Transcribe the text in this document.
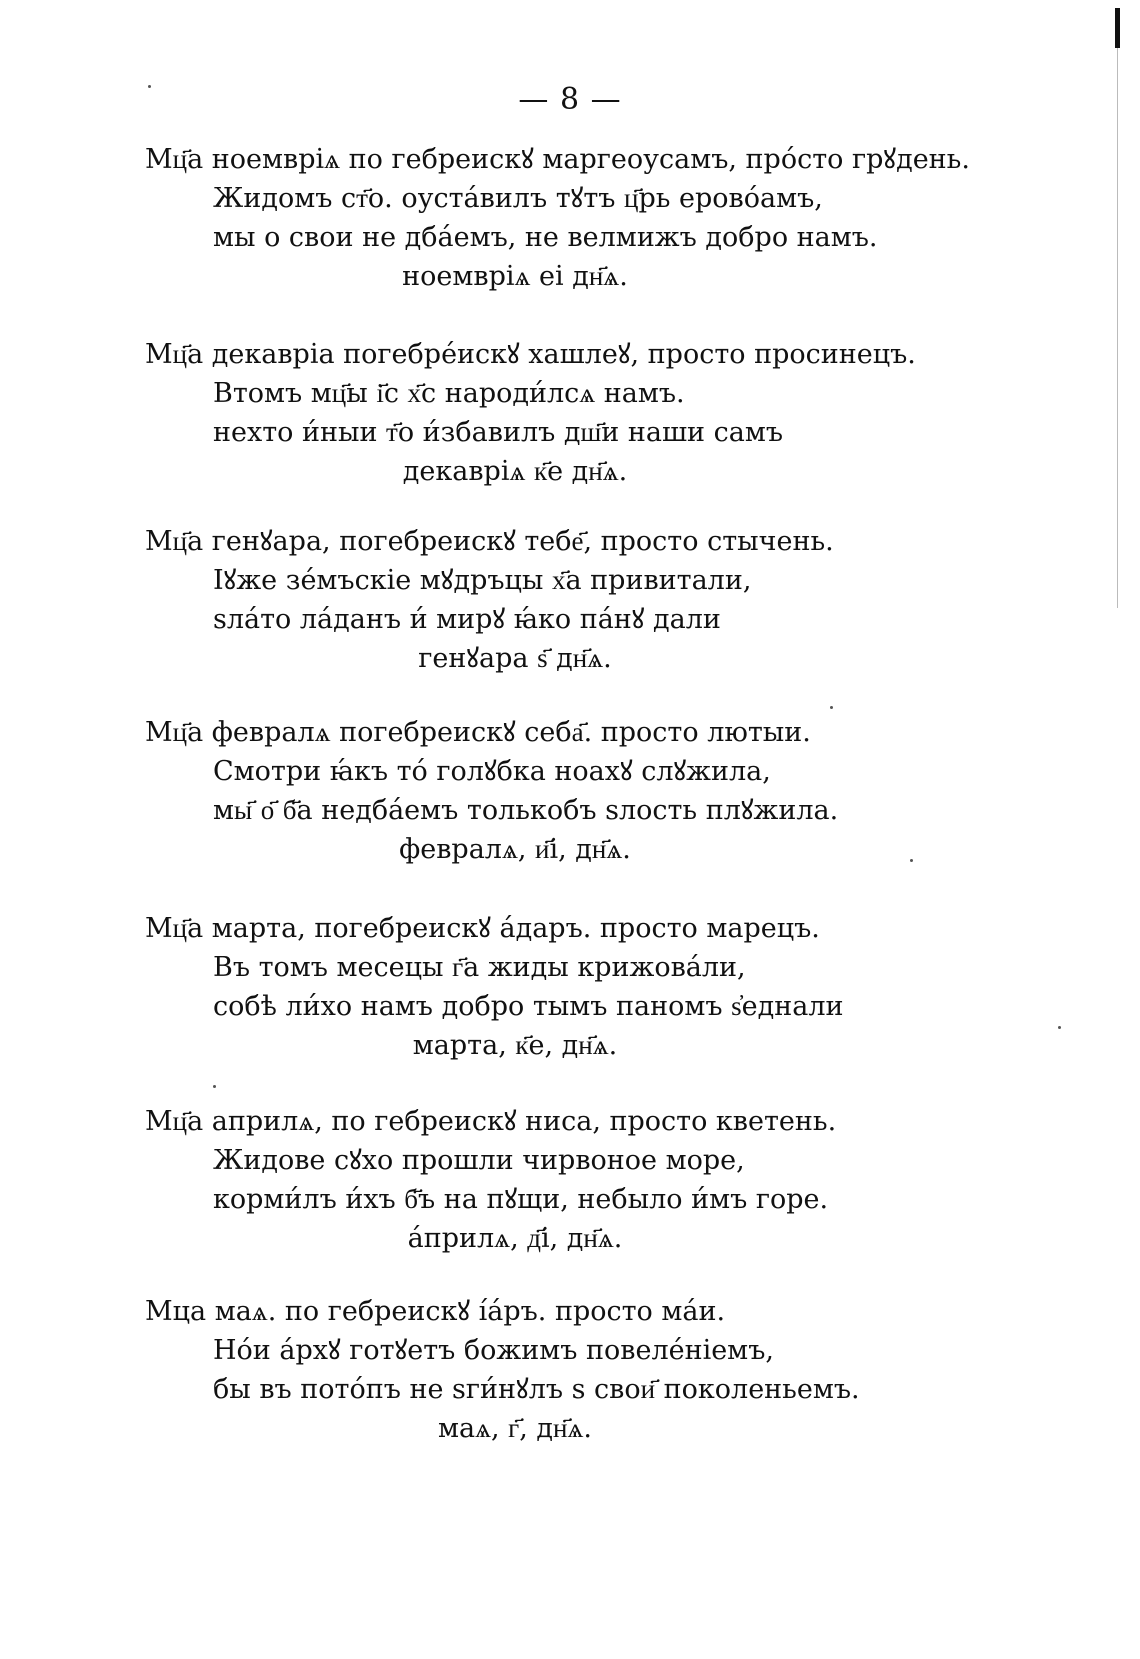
— 8 —
Мц҃а ноемвріѧ по гебреискꙋ маргеоусамъ, про́сто грꙋдень.
Жидомъ ст҃о. оуста́вилъ тꙋтъ ц҃рь ерово́амъ,
мы о свои не дба́емъ, не велмижъ добро намъ.
ноемвріѧ еі дн҃ѧ.
Мц҃а декавріа погебре́искꙋ хашлеꙋ, просто просинецъ.
Втомъ мц҃ы і҃с х҃с народи́лсѧ намъ.
нехто и́ныи т҃о и́збавилъ дш҃и наши самъ
декавріѧ к҃е дн҃ѧ.
Мц҃а генꙋара, погебреискꙋ тебе҃, просто стычень.
Іꙋже зе́мъскіе мꙋдръцы х҃а привитали,
ѕла́то ла́данъ и́ мирꙋ ꙗ́ко па́нꙋ дали
генꙋара ѕ҃ дн҃ѧ.
Мц҃а февралѧ погебреискꙋ себа҃. просто лютыи.
Смотри ꙗ́къ то́ голꙋбка ноахꙋ слꙋжила,
мы҃ о҃ б҃а недба́емъ толькобъ ѕлость плꙋжила.
февралѧ, и҃і, дн҃ѧ.
Мц҃а марта, погебреискꙋ а́даръ. просто марецъ.
Въ томъ месецы г҃а жиды крижова́ли,
собѣ ли́хо намъ добро тымъ паномъ ѕ҆еднали
марта, к҃е, дн҃ѧ.
Мц҃а априлѧ, по гебреискꙋ ниса, просто кветень.
Жидове сꙋхо прошли чирвоное море,
корми́лъ и́хъ б҃ъ на пꙋщи, небыло и́мъ горе.
а́прилѧ, д҃і, дн҃ѧ.
Мца маѧ. по гебреискꙋ і́а́ръ. просто ма́и.
Но́и а́рхꙋ готꙋетъ божимъ повеле́ніемъ,
бы въ пото́пъ не ѕги́нꙋлъ ѕ свои҃ поколеньемъ.
маѧ, г҃, дн҃ѧ.
